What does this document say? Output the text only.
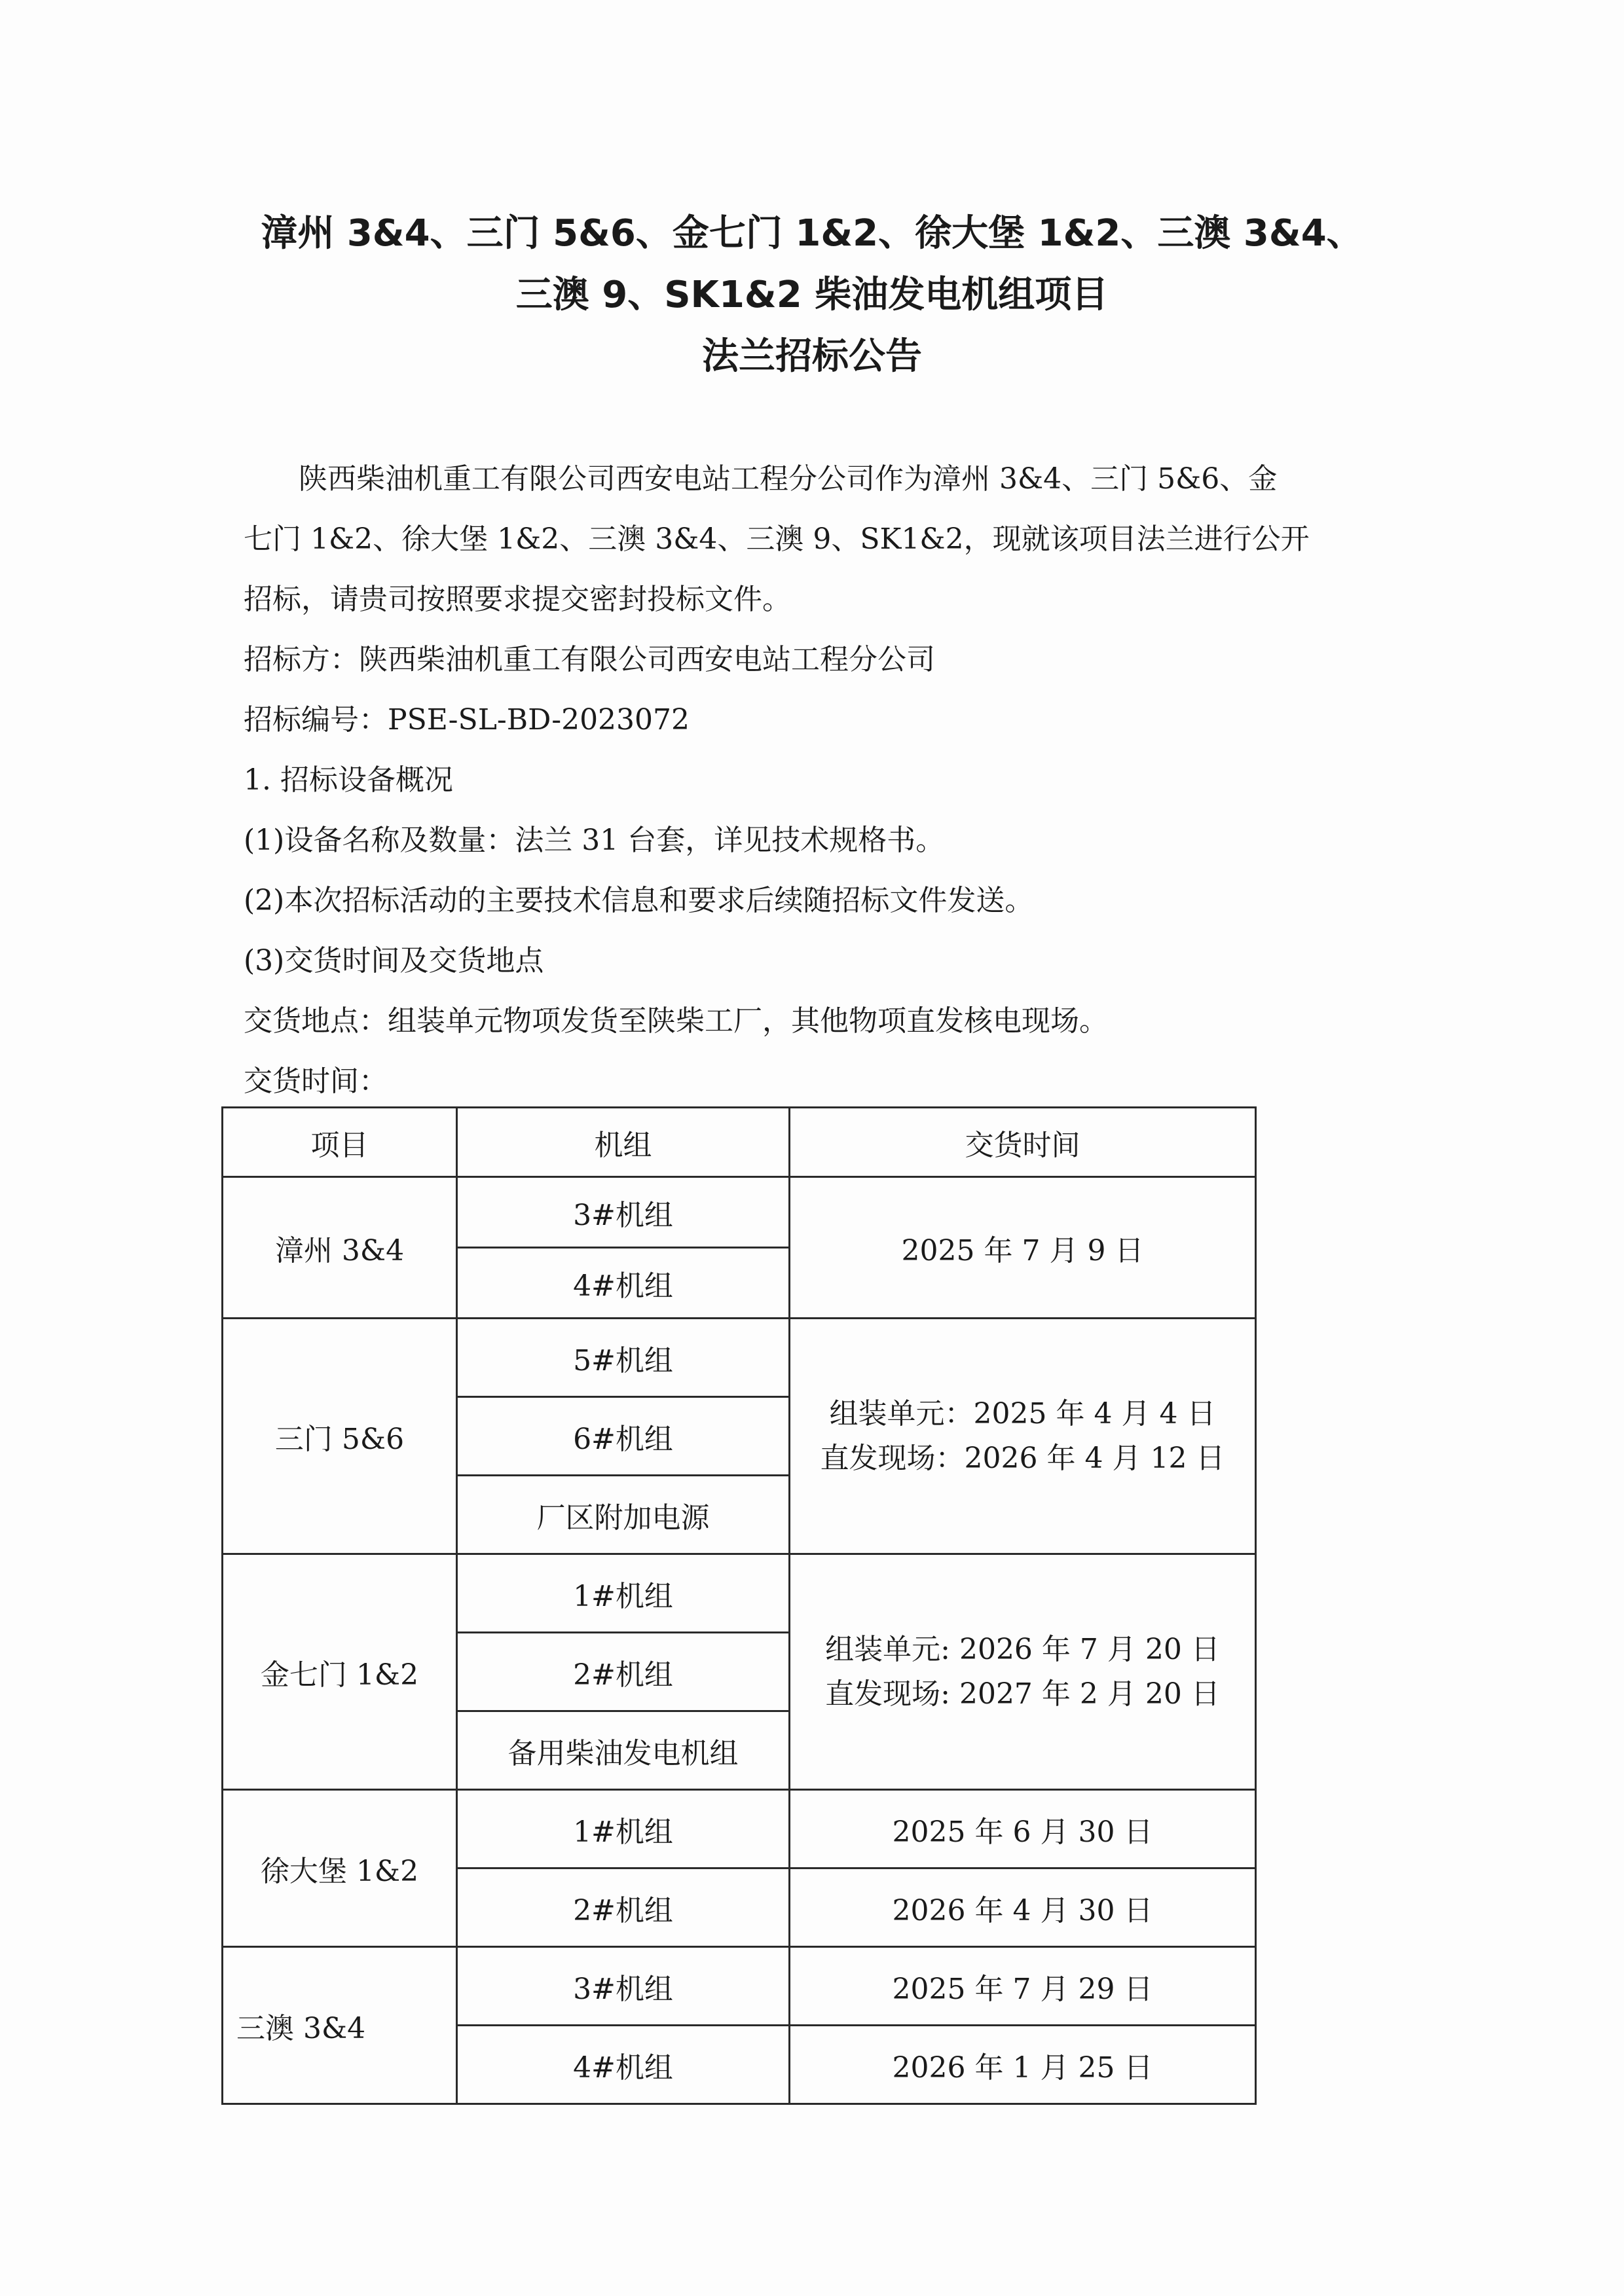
漳州 3&4、三门 5&6、金七门 1&2、徐大堡 1&2、三澳 3&4、
三澳 9、SK1&2 柴油发电机组项目
法兰招标公告

陕西柴油机重工有限公司西安电站工程分公司作为漳州 3&4、三门 5&6、金

七门 1&2、徐大堡 1&2、三澳 3&4、三澳 9、SK1&2，现就该项目法兰进行公开

招标，请贵司按照要求提交密封投标文件。

招标方：陕西柴油机重工有限公司西安电站工程分公司

招标编号：PSE-SL-BD-2023072

1. 招标设备概况

(1)设备名称及数量：法兰 31 台套，详见技术规格书。

(2)本次招标活动的主要技术信息和要求后续随招标文件发送。

(3)交货时间及交货地点

交货地点：组装单元物项发货至陕柴工厂，其他物项直发核电现场。

交货时间：

项目	机组	交货时间
漳州 3&4	3#机组	2025 年 7 月 9 日
	4#机组	
三门 5&6	5#机组	组装单元：2025 年 4 月 4 日
直发现场：2026 年 4 月 12 日

	6#机组	
	厂区附加电源	
金七门 1&2	1#机组	组装单元: 2026 年 7 月 20 日
直发现场: 2027 年 2 月 20 日

	2#机组	
	备用柴油发电机组	
徐大堡 1&2	1#机组	2025 年 6 月 30 日
	2#机组	2026 年 4 月 30 日
三澳 3&4	3#机组	2025 年 7 月 29 日
	4#机组	2026 年 1 月 25 日
